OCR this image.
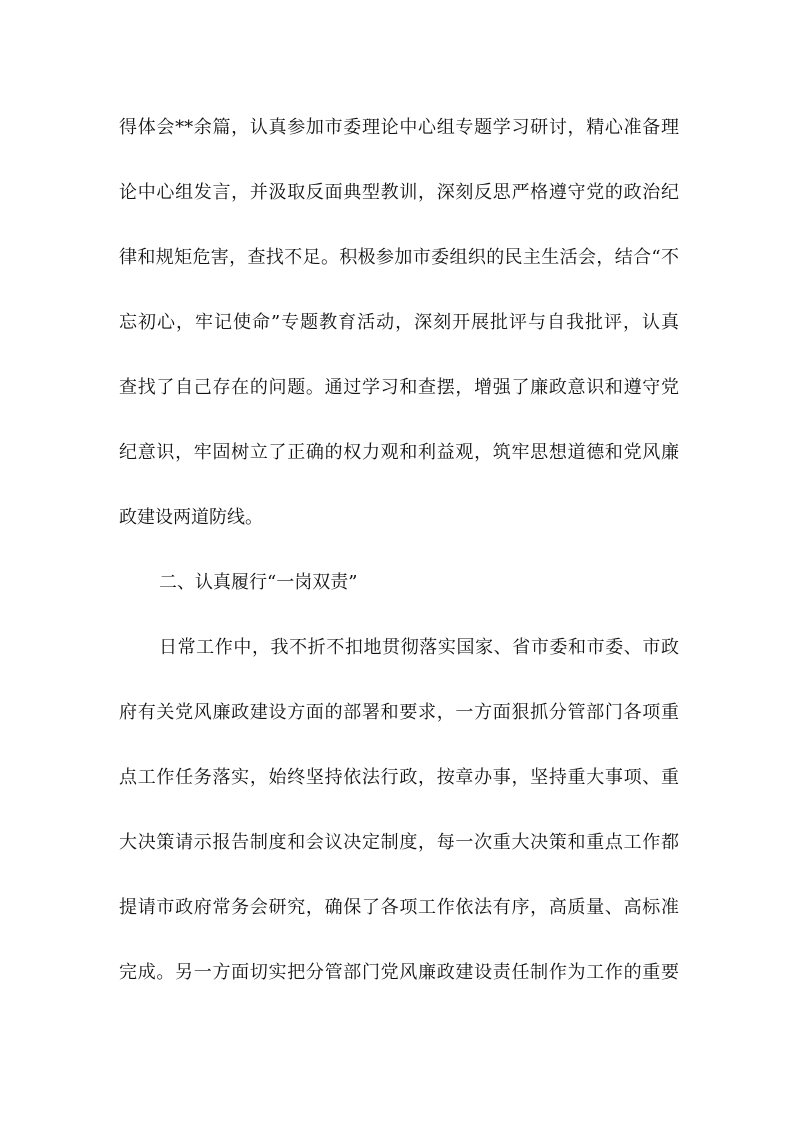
得体会**余篇，认真参加市委理论中心组专题学习研讨，精心准备理
论中心组发言，并汲取反面典型教训，深刻反思严格遵守党的政治纪
律和规矩危害，查找不足。积极参加市委组织的民主生活会，结合“不
忘初心，牢记使命”专题教育活动，深刻开展批评与自我批评，认真
查找了自己存在的问题。通过学习和查摆，增强了廉政意识和遵守党
纪意识，牢固树立了正确的权力观和利益观，筑牢思想道德和党风廉
政建设两道防线。
二、认真履行“一岗双责”
日常工作中，我不折不扣地贯彻落实国家、省市委和市委、市政
府有关党风廉政建设方面的部署和要求，一方面狠抓分管部门各项重
点工作任务落实，始终坚持依法行政，按章办事，坚持重大事项、重
大决策请示报告制度和会议决定制度，每一次重大决策和重点工作都
提请市政府常务会研究，确保了各项工作依法有序，高质量、高标准
完成。另一方面切实把分管部门党风廉政建设责任制作为工作的重要
